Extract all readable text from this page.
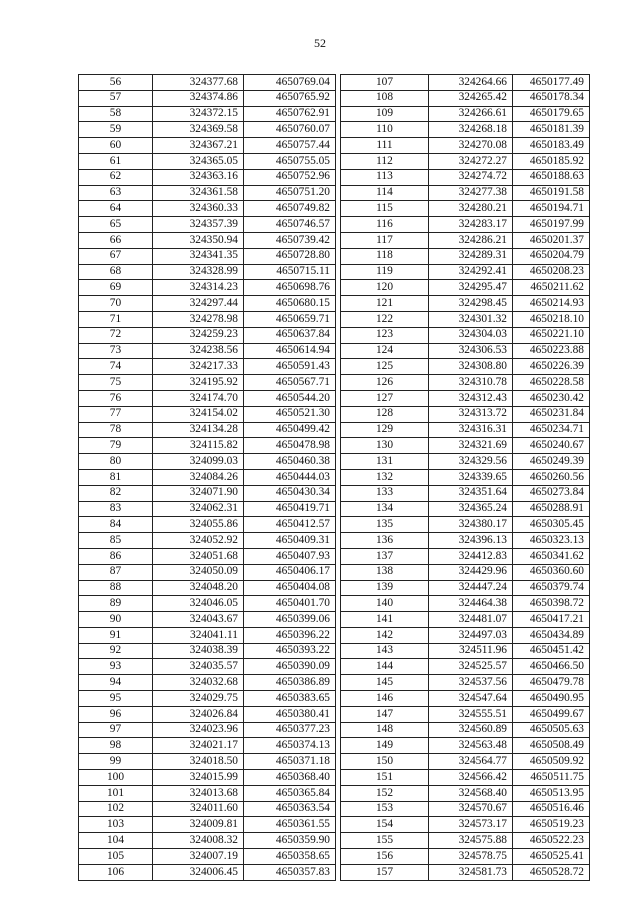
52
56	324377.68	4650769.04
57	324374.86	4650765.92
58	324372.15	4650762.91
59	324369.58	4650760.07
60	324367.21	4650757.44
61	324365.05	4650755.05
62	324363.16	4650752.96
63	324361.58	4650751.20
64	324360.33	4650749.82
65	324357.39	4650746.57
66	324350.94	4650739.42
67	324341.35	4650728.80
68	324328.99	4650715.11
69	324314.23	4650698.76
70	324297.44	4650680.15
71	324278.98	4650659.71
72	324259.23	4650637.84
73	324238.56	4650614.94
74	324217.33	4650591.43
75	324195.92	4650567.71
76	324174.70	4650544.20
77	324154.02	4650521.30
78	324134.28	4650499.42
79	324115.82	4650478.98
80	324099.03	4650460.38
81	324084.26	4650444.03
82	324071.90	4650430.34
83	324062.31	4650419.71
84	324055.86	4650412.57
85	324052.92	4650409.31
86	324051.68	4650407.93
87	324050.09	4650406.17
88	324048.20	4650404.08
89	324046.05	4650401.70
90	324043.67	4650399.06
91	324041.11	4650396.22
92	324038.39	4650393.22
93	324035.57	4650390.09
94	324032.68	4650386.89
95	324029.75	4650383.65
96	324026.84	4650380.41
97	324023.96	4650377.23
98	324021.17	4650374.13
99	324018.50	4650371.18
100	324015.99	4650368.40
101	324013.68	4650365.84
102	324011.60	4650363.54
103	324009.81	4650361.55
104	324008.32	4650359.90
105	324007.19	4650358.65
106	324006.45	4650357.83
107	324264.66	4650177.49
108	324265.42	4650178.34
109	324266.61	4650179.65
110	324268.18	4650181.39
111	324270.08	4650183.49
112	324272.27	4650185.92
113	324274.72	4650188.63
114	324277.38	4650191.58
115	324280.21	4650194.71
116	324283.17	4650197.99
117	324286.21	4650201.37
118	324289.31	4650204.79
119	324292.41	4650208.23
120	324295.47	4650211.62
121	324298.45	4650214.93
122	324301.32	4650218.10
123	324304.03	4650221.10
124	324306.53	4650223.88
125	324308.80	4650226.39
126	324310.78	4650228.58
127	324312.43	4650230.42
128	324313.72	4650231.84
129	324316.31	4650234.71
130	324321.69	4650240.67
131	324329.56	4650249.39
132	324339.65	4650260.56
133	324351.64	4650273.84
134	324365.24	4650288.91
135	324380.17	4650305.45
136	324396.13	4650323.13
137	324412.83	4650341.62
138	324429.96	4650360.60
139	324447.24	4650379.74
140	324464.38	4650398.72
141	324481.07	4650417.21
142	324497.03	4650434.89
143	324511.96	4650451.42
144	324525.57	4650466.50
145	324537.56	4650479.78
146	324547.64	4650490.95
147	324555.51	4650499.67
148	324560.89	4650505.63
149	324563.48	4650508.49
150	324564.77	4650509.92
151	324566.42	4650511.75
152	324568.40	4650513.95
153	324570.67	4650516.46
154	324573.17	4650519.23
155	324575.88	4650522.23
156	324578.75	4650525.41
157	324581.73	4650528.72
